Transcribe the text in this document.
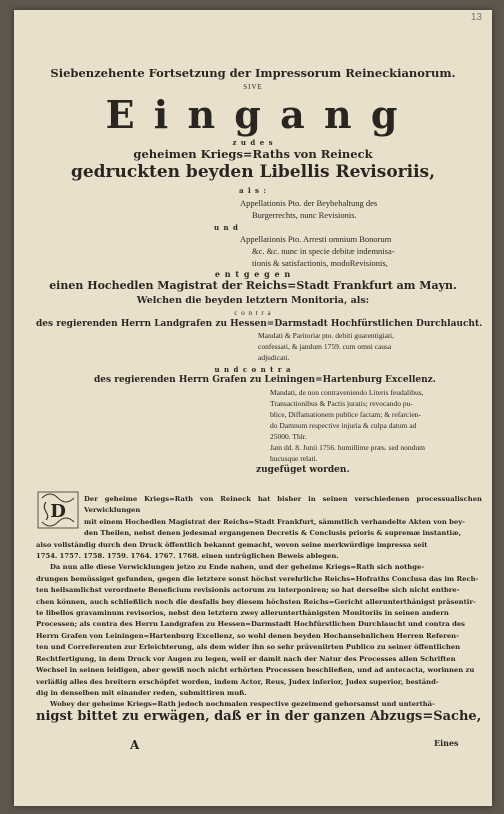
13
Siebenzehente Fortsetzung der Impressorum Reineckianorum.
SIVE
E i n g a n g
z u d e s
geheimen Kriegs=Raths von Reineck
gedruckten beyden Libellis Revisoriis,
a l s :
Appellationis Pto. der Beybehaltung des
Burgerrechts, nunc Revisionis.
u n d
Appellationis Pto. Arresti omnium Bonorum
&c. &c. nunc in specie debitæ indemnisa-
tionis & satisfactionis, modoRevisionis,
e n t g e g e n
einen Hochedlen Magistrat der Reichs=Stadt Frankfurt am Mayn.
Welchen die beyden letztern Monitoria, als:
c o n t r a
des regierenden Herrn Landgrafen zu Hessen=Darmstadt Hochfürstlichen Durchlaucht.
Mandati & Paritoriæ pto. debiti guarentigiati,
confessati, & jandum 1759. cum omni causa
adjudicati.
u n d c o n t r a
des regierenden Herrn Grafen zu Leiningen=Hartenburg Excellenz.
Mandati, de non contraveniendo Literis feudalibus,
Transactionibus & Pactis juratis; revocando pu-
blice, Diffamationem publice factam; & refarcien-
do Damnum respective injuria & culpa datum ad
25000. Thlr.
Jam dd. 8. Junii 1756. humillime præs. sed nondum
hucusque relati.
zugefüget worden.
D
Der geheime Kriegs=Rath von Reineck hat bisher in seinen verschiedenen processualischen Verwicklungen
mit einem Hochedlen Magistrat der Reichs=Stadt Frankfurt, sämmtlich verhandelte Akten von bey-
den Theilen, nebst denen jedesmal ergangenen Decretis & Conclusis prioris & supremæ instantiæ,
also vollständig durch den Druck öffentlich bekannt gemacht, wovon seine merkwürdige impressa seit
1754. 1757. 1758. 1759. 1764. 1767. 1768. einen untrüglichen Beweis ablegen.
Da nun alle diese Verwicklungen jetzo zu Ende nahen, und der geheime Kriegs=Rath sich nothge-
drungen bemüssiget gefunden, gegen die letztere sonst höchst verehrliche Reichs=Hofraths Conclusa das im Rech-
ten heilsamlichst verordnete Beneficium revisionis actorum zu interponiren; so hat derselbe sich nicht entbre-
chen können, auch schließlich noch die desfalls bey diesem höchsten Reichs=Gericht allerunterthänigst präsentir-
te libellos gravaminum revisorios, nebst den letztern zwey allerunterthänigsten Monitoriis in seinen andern
Processen; als contra des Herrn Landgrafen zu Hessen=Darmstadt Hochfürstlichen Durchlaucht und contra des
Herrn Grafen von Leiningen=Hartenburg Excellenz, so wohl denen beyden Hochansehnlichen Herren Referen-
ten und Correferenten zur Erleichterung, als dem wider ihn so sehr präveniirten Publico zu seiner öffentlichen
Rechtfertigung, in dem Druck vor Augen zu legen, weil er damit nach der Natur des Processes allen Schriften
Wechsel in seinen leidigen, aber gewiß noch nicht erhörten Processen beschließen, und ad antecacta, worinnen zu
verläßig alles des breitern erschöpfet worden, indem Actor, Reus, Judex inferior, Judex superior, beständ-
dig in denselben mit einander reden, submittiren muß.
Wobey der geheime Kriegs=Rath jedoch nochmalen respective gezeimend gehorsamst und unterthä-
nigst bittet zu erwägen, daß er in der ganzen Abzugs=Sache,
A	Eines
